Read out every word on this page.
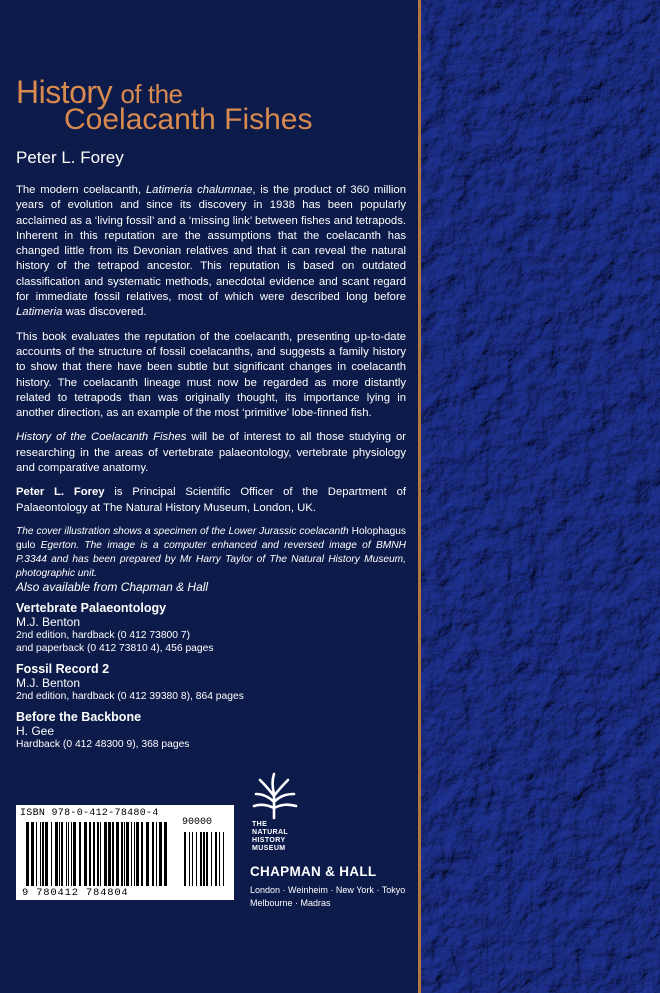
History of the
Coelacanth Fishes
Peter L. Forey

The modern coelacanth, Latimeria chalumnae, is the product of 360 million years of evolution and since its discovery in 1938 has been popularly acclaimed as a ‘living fossil’ and a ‘missing link’ between fishes and tetrapods. Inherent in this reputation are the assumptions that the coelacanth has changed little from its Devonian relatives and that it can reveal the natural history of the tetrapod ancestor. This reputation is based on outdated classification and systematic methods, anecdotal evidence and scant regard for immediate fossil relatives, most of which were described long before Latimeria was discovered.

This book evaluates the reputation of the coelacanth, presenting up-to-date accounts of the structure of fossil coelacanths, and suggests a family history to show that there have been subtle but significant changes in coelacanth history. The coelacanth lineage must now be regarded as more distantly related to tetrapods than was originally thought, its importance lying in another direction, as an example of the most ‘primitive’ lobe-finned fish.

History of the Coelacanth Fishes will be of interest to all those studying or researching in the areas of vertebrate palaeontology, vertebrate physiology and comparative anatomy.

Peter L. Forey is Principal Scientific Officer of the Department of Palaeontology at The Natural History Museum, London, UK.

The cover illustration shows a specimen of the Lower Jurassic coelacanth Holophagus gulo Egerton. The image is a computer enhanced and reversed image of BMNH P.3344 and has been prepared by Mr Harry Taylor of The Natural History Museum, photographic unit.

Also available from Chapman & Hall
Vertebrate Palaeontology
M.J. Benton
2nd edition, hardback (0 412 73800 7)
and paperback (0 412 73810 4), 456 pages
Fossil Record 2
M.J. Benton
2nd edition, hardback (0 412 39380 8), 864 pages
Before the Backbone
H. Gee
Hardback (0 412 48300 9), 368 pages
ISBN 978-0-412-78480-4
90000
9 780412 784804
THE
NATURAL
HISTORY
MUSEUM
CHAPMAN & HALL
London · Weinheim · New York · Tokyo
Melbourne · Madras
